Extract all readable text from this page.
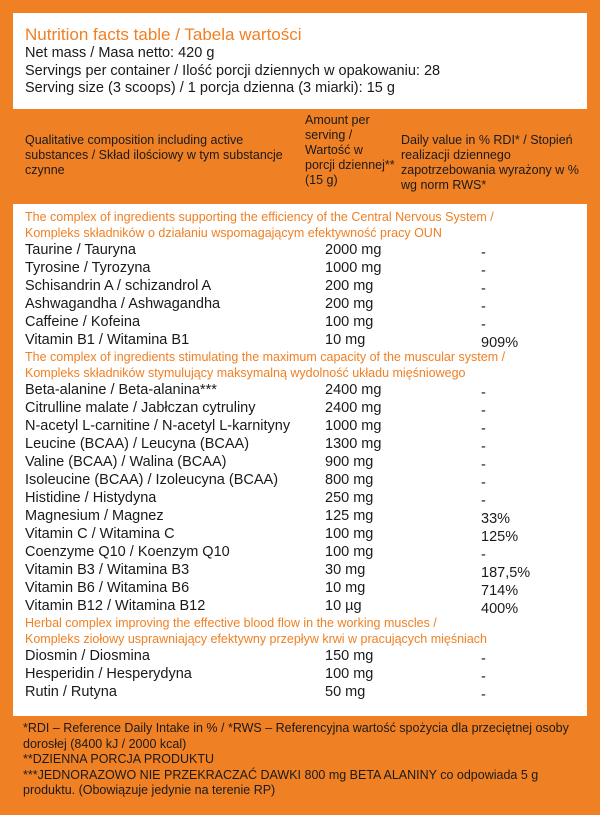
Nutrition facts table / Tabela wartości
Net mass / Masa netto: 420 g
Servings per container / Ilość porcji dziennych w opakowaniu: 28
Serving size (3 scoops) / 1 porcja dzienna (3 miarki): 15 g
Qualitative composition including active substances / Skład ilościowy w tym substancje czynne
Amount per serving / Wartość w porcji dziennej** (15 g)
Daily value in % RDI* / Stopień realizacji dziennego zapotrzebowania wyrażony w % wg norm RWS*
The complex of ingredients supporting the efficiency of the Central Nervous System /
Kompleks składników o działaniu wspomagającym efektywność pracy OUN
Taurine / Tauryna	2000 mg	-
Tyrosine / Tyrozyna	1000 mg	-
Schisandrin A / schizandrol A	200 mg	-
Ashwagandha / Ashwagandha	200 mg	-
Caffeine / Kofeina	100 mg	-
Vitamin B1 / Witamina B1	10 mg	909%
The complex of ingredients stimulating the maximum capacity of the muscular system /
Kompleks składników stymulujący maksymalną wydolność układu mięśniowego
Beta-alanine / Beta-alanina***	2400 mg	-
Citrulline malate / Jabłczan cytruliny	2400 mg	-
N-acetyl L-carnitine / N-acetyl L-karnityny 1000 mg	-
Leucine (BCAA) / Leucyna (BCAA)	1300 mg	-
Valine (BCAA) / Walina (BCAA)	900 mg	-
Isoleucine (BCAA) / Izoleucyna (BCAA)	800 mg	-
Histidine / Histydyna	250 mg	-
Magnesium / Magnez	125 mg	33%
Vitamin C / Witamina C	100 mg	125%
Coenzyme Q10 / Koenzym Q10	100 mg	-
Vitamin B3 / Witamina B3	30 mg	187,5%
Vitamin B6 / Witamina B6	10 mg	714%
Vitamin B12 / Witamina B12	10 µg	400%
Herbal complex improving the effective blood flow in the working muscles /
Kompleks ziołowy usprawniający efektywny przepływ krwi w pracujących mięśniach
Diosmin / Diosmina	150 mg	-
Hesperidin / Hesperydyna	100 mg	-
Rutin / Rutyna	50 mg	-
*RDI – Reference Daily Intake in % / *RWS – Referencyjna wartość spożycia dla przeciętnej osoby dorosłej (8400 kJ / 2000 kcal)
**DZIENNA PORCJA PRODUKTU
***JEDNORAZOWO NIE PRZEKRACZAĆ DAWKI 800 mg BETA ALANINY co odpowiada 5 g produktu. (Obowiązuje jedynie na terenie RP)
